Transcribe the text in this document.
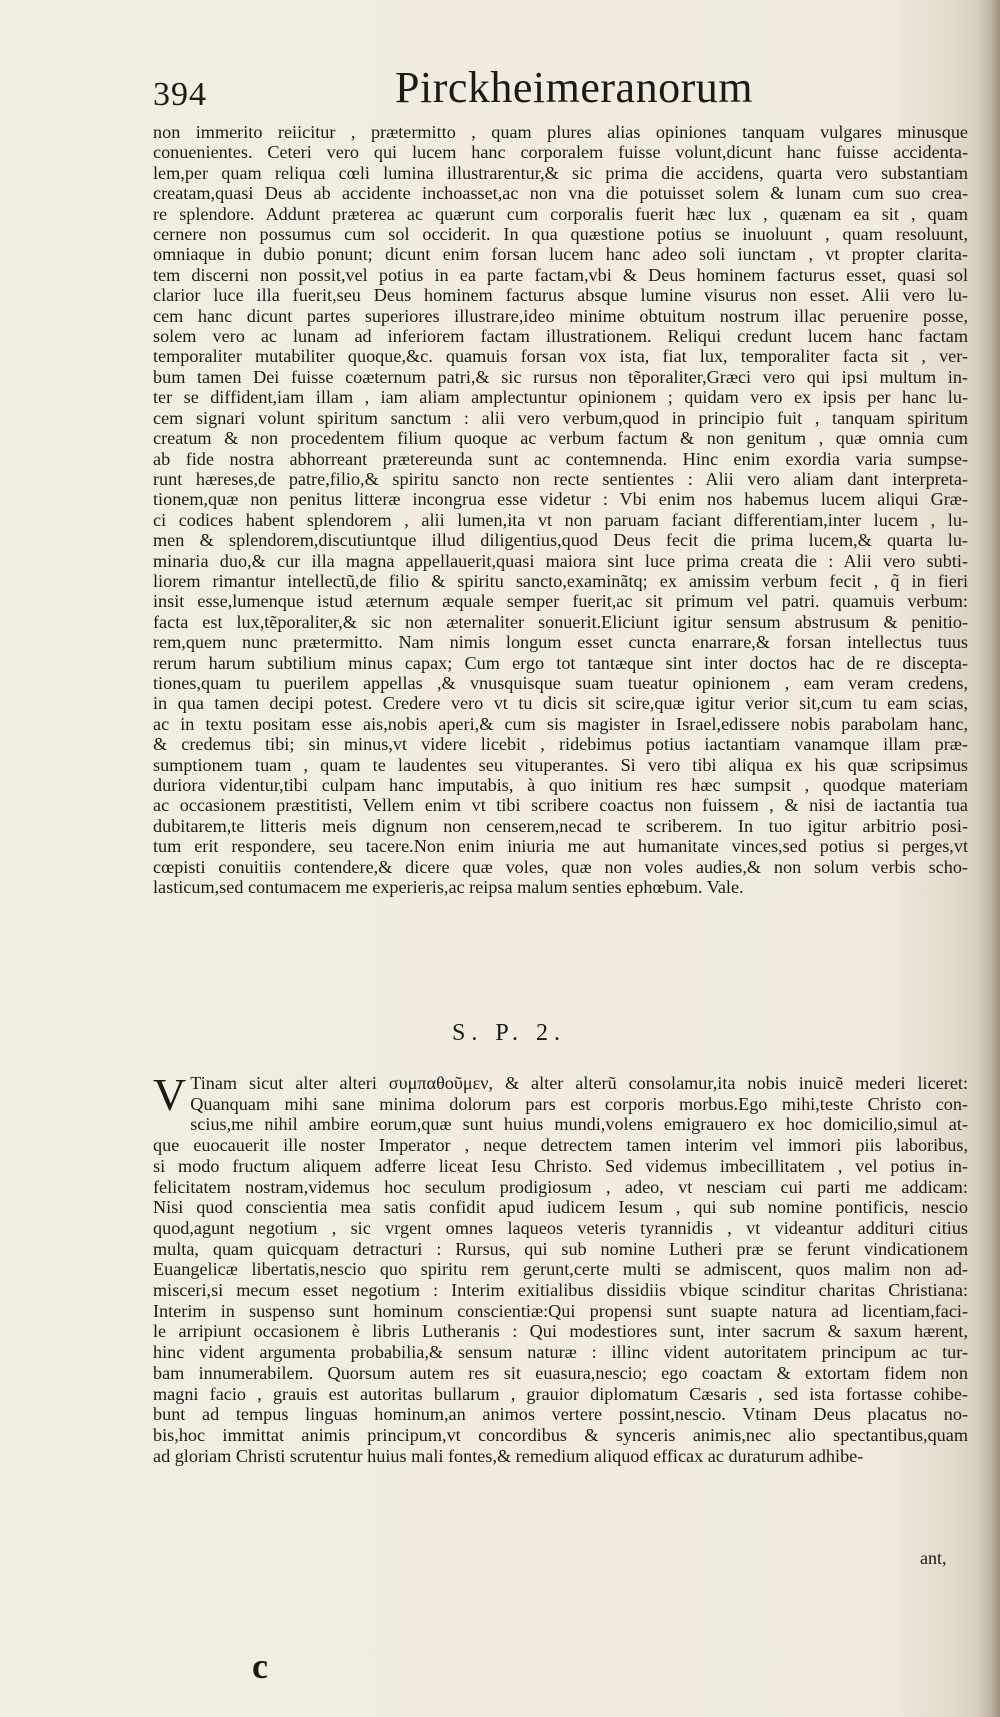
394	Pirckheimeranorum
non immerito reiicitur , prætermitto , quam plures alias opiniones tanquam vulgares minusque
conuenientes. Ceteri vero qui lucem hanc corporalem fuisse volunt,dicunt hanc fuisse accidenta-
lem,per quam reliqua cœli lumina illustrarentur,& sic prima die accidens, quarta vero substantiam
creatam,quasi Deus ab accidente inchoasset,ac non vna die potuisset solem & lunam cum suo crea-
re splendore. Addunt præterea ac quærunt cum corporalis fuerit hæc lux , quænam ea sit , quam
cernere non possumus cum sol occiderit. In qua quæstione potius se inuoluunt , quam resoluunt,
omniaque in dubio ponunt; dicunt enim forsan lucem hanc adeo soli iunctam , vt propter clarita-
tem discerni non possit,vel potius in ea parte factam,vbi & Deus hominem facturus esset, quasi sol
clarior luce illa fuerit,seu Deus hominem facturus absque lumine visurus non esset. Alii vero lu-
cem hanc dicunt partes superiores illustrare,ideo minime obtuitum nostrum illac peruenire posse,
solem vero ac lunam ad inferiorem factam illustrationem. Reliqui credunt lucem hanc factam
temporaliter mutabiliter quoque,&c. quamuis forsan vox ista, fiat lux, temporaliter facta sit , ver-
bum tamen Dei fuisse coæternum patri,& sic rursus non tẽporaliter,Græci vero qui ipsi multum in-
ter se diffident,iam illam , iam aliam amplectuntur opinionem ; quidam vero ex ipsis per hanc lu-
cem signari volunt spiritum sanctum : alii vero verbum,quod in principio fuit , tanquam spiritum
creatum & non procedentem filium quoque ac verbum factum & non genitum , quæ omnia cum
ab fide nostra abhorreant prætereunda sunt ac contemnenda. Hinc enim exordia varia sumpse-
runt hæreses,de patre,filio,& spiritu sancto non recte sentientes : Alii vero aliam dant interpreta-
tionem,quæ non penitus litteræ incongrua esse videtur : Vbi enim nos habemus lucem aliqui Græ-
ci codices habent splendorem , alii lumen,ita vt non paruam faciant differentiam,inter lucem , lu-
men & splendorem,discutiuntque illud diligentius,quod Deus fecit die prima lucem,& quarta lu-
minaria duo,& cur illa magna appellauerit,quasi maiora sint luce prima creata die : Alii vero subti-
liorem rimantur intellectũ,de filio & spiritu sancto,examinãtq; ex amissim verbum fecit , q̃ in fieri
insit esse,lumenque istud æternum æquale semper fuerit,ac sit primum vel patri. quamuis verbum:
facta est lux,tẽporaliter,& sic non æternaliter sonuerit.Eliciunt igitur sensum abstrusum & penitio-
rem,quem nunc prætermitto. Nam nimis longum esset cuncta enarrare,& forsan intellectus tuus
rerum harum subtilium minus capax; Cum ergo tot tantæque sint inter doctos hac de re disceptа-
tiones,quam tu puerilem appellas ,& vnusquisque suam tueatur opinionem , eam veram credens,
in qua tamen decipi potest. Credere vero vt tu dicis sit scire,quæ igitur verior sit,cum tu eam scias,
ac in textu positam esse ais,nobis aperi,& cum sis magister in Israel,edissere nobis parabolam hanc,
& credemus tibi; sin minus,vt videre licebit , ridebimus potius iactantiam vanamque illam præ-
sumptionem tuam , quam te laudentes seu vituperantes. Si vero tibi aliqua ex his quæ scripsimus
duriora videntur,tibi culpam hanc imputabis, à quo initium res hæc sumpsit , quodque materiam
ac occasionem præstitisti, Vellem enim vt tibi scribere coactus non fuissem , & nisi de iactantia tua
dubitarem,te litteris meis dignum non censerem,necad te scriberem. In tuo igitur arbitrio posi-
tum erit respondere, seu tacere.Non enim iniuria me aut humanitate vinces,sed potius si perges,vt
cœpisti conuitiis contendere,& dicere quæ voles, quæ non voles audies,& non solum verbis scho-
lasticum,sed contumacem me experieris,ac reipsa malum senties ephœbum. Vale.
S. P. 2.
V Tinam sicut alter alteri συμπαθοῦμεν, & alter alterũ consolamur,ita nobis inuicẽ mederi liceret:
Quanquam mihi sane minima dolorum pars est corporis morbus.Ego mihi,teste Christo con-
scius,me nihil ambire eorum,quæ sunt huius mundi,volens emigrauero ex hoc domicilio,simul at-
que euocauerit ille noster Imperator , neque detrectem tamen interim vel immori piis laboribus,
si modo fructum aliquem adferre liceat Iesu Christo. Sed videmus imbecillitatem , vel potius in-
felicitatem nostram,videmus hoc seculum prodigiosum , adeo, vt nesciam cui parti me addicam:
Nisi quod conscientia mea satis confidit apud iudicem Iesum , qui sub nomine pontificis, nescio
quod,agunt negotium , sic vrgent omnes laqueos veteris tyrannidis , vt videantur addituri citius
multa, quam quicquam detracturi : Rursus, qui sub nomine Lutheri præ se ferunt vindicationem
Euangelicæ libertatis,nescio quo spiritu rem gerunt,certe multi se admiscent, quos malim non ad-
misceri,si mecum esset negotium : Interim exitialibus dissidiis vbique scinditur charitas Christiana:
Interim in suspenso sunt hominum conscientiæ:Qui propensi sunt suapte natura ad licentiam,faci-
le arripiunt occasionem è libris Lutheranis : Qui modestiores sunt, inter sacrum & saxum hærent,
hinc vident argumenta probabilia,& sensum naturæ : illinc vident autoritatem principum ac tur-
bam innumerabilem. Quorsum autem res sit euasura,nescio; ego coactam & extortam fidem non
magni facio , grauis est autoritas bullarum , grauior diplomatum Cæsaris , sed ista fortasse cohibe-
bunt ad tempus linguas hominum,an animos vertere possint,nescio. Vtinam Deus placatus no-
bis,hoc immittat animis principum,vt concordibus & synceris animis,nec alio spectantibus,quam
ad gloriam Christi scrutentur huius mali fontes,& remedium aliquod efficax ac duraturum adhibe-
ant,
c
